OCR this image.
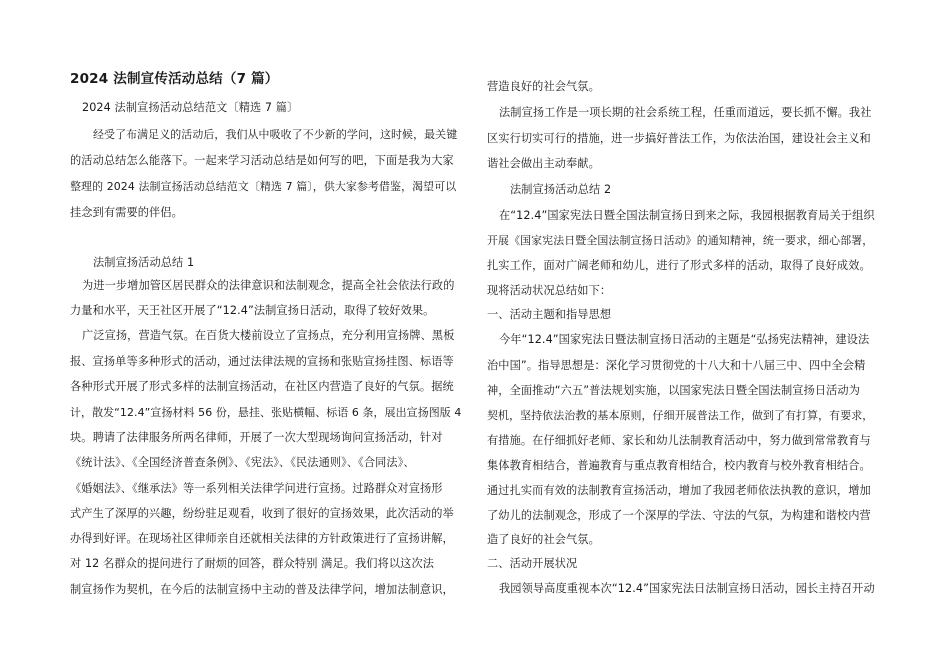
2024 法制宣传活动总结（7 篇）
2024 法制宣扬活动总结范文〔精选 7 篇〕
经受了布满足义的活动后，我们从中吸收了不少新的学问，这时候，最关键
的活动总结怎么能落下。一起来学习活动总结是如何写的吧，下面是我为大家
整理的 2024 法制宣扬活动总结范文〔精选 7 篇〕，供大家参考借鉴，渴望可以
挂念到有需要的伴侣。
法制宣扬活动总结 1
为进一步增加管区居民群众的法律意识和法制观念，提高全社会依法行政的
力量和水平，天王社区开展了“12.4”法制宣扬日活动，取得了较好效果。
广泛宣扬，营造气氛。在百货大楼前设立了宣扬点，充分利用宣扬牌、黑板
报、宣扬单等多种形式的活动，通过法律法规的宣扬和张贴宣扬挂图、标语等
各种形式开展了形式多样的法制宣扬活动，在社区内营造了良好的气氛。据统
计，散发“12.4”宣扬材料 56 份，悬挂、张贴横幅、标语 6 条，展出宣扬图版 4
块。聘请了法律服务所两名律师，开展了一次大型现场询问宣扬活动，针对
《统计法》、《全国经济普查条例》、《宪法》、《民法通则》、《合同法》、
《婚姻法》、《继承法》等一系列相关法律学问进行宣扬。过路群众对宣扬形
式产生了深厚的兴趣，纷纷驻足观看，收到了很好的宣扬效果，此次活动的举
办得到好评。在现场社区律师亲自还就相关法律的方针政策进行了宣扬讲解，
对 12 名群众的提问进行了耐烦的回答，群众特别 满足。我们将以这次法
制宣扬作为契机，在今后的法制宣扬中主动的普及法律学问，增加法制意识，
营造良好的社会气氛。
法制宣扬工作是一项长期的社会系统工程，任重而道远，要长抓不懈。我社
区实行切实可行的措施，进一步搞好普法工作，为依法治国，建设社会主义和
谐社会做出主动奉献。
法制宣扬活动总结 2
在“12.4”国家宪法日暨全国法制宣扬日到来之际，我园根据教育局关于组织
开展《国家宪法日暨全国法制宣扬日活动》的通知精神，统一要求，细心部署，
扎实工作，面对广阔老师和幼儿，进行了形式多样的活动，取得了良好成效。
现将活动状况总结如下：
一、活动主题和指导思想
今年“12.4”国家宪法日暨法制宣扬日活动的主题是“弘扬宪法精神，建设法
治中国”。指导思想是：深化学习贯彻党的十八大和十八届三中、四中全会精
神，全面推动“六五”普法规划实施，以国家宪法日暨全国法制宣扬日活动为
契机，坚持依法治教的基本原则，仔细开展普法工作，做到了有打算，有要求，
有措施。在仔细抓好老师、家长和幼儿法制教育活动中，努力做到常常教育与
集体教育相结合，普遍教育与重点教育相结合，校内教育与校外教育相结合。
通过扎实而有效的法制教育宣扬活动，增加了我园老师依法执教的意识，增加
了幼儿的法制观念，形成了一个深厚的学法、守法的气氛，为构建和谐校内营
造了良好的社会气氛。
二、活动开展状况
我园领导高度重视本次“12.4”国家宪法日法制宣扬日活动，园长主持召开动
